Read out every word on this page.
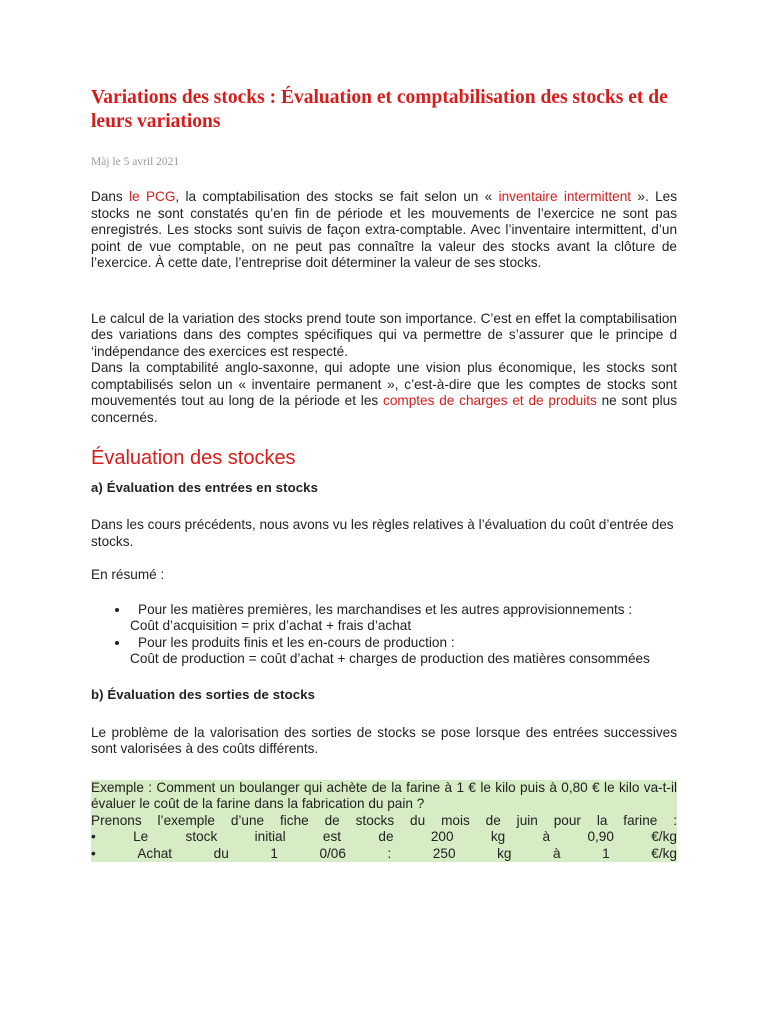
Variations des stocks : Évaluation et comptabilisation des stocks et de leurs variations
Màj le 5 avril 2021

Dans le PCG, la comptabilisation des stocks se fait selon un « inventaire intermittent ». Les stocks ne sont constatés qu’en fin de période et les mouvements de l’exercice ne sont pas enregistrés. Les stocks sont suivis de façon extra-comptable. Avec l’inventaire intermittent, d’un point de vue comptable, on ne peut pas connaître la valeur des stocks avant la clôture de l’exercice. À cette date, l’entreprise doit déterminer la valeur de ses stocks.

Le calcul de la variation des stocks prend toute son importance. C’est en effet la comptabilisation des variations dans des comptes spécifiques qui va permettre de s’assurer que le principe d ‘indépendance des exercices est respecté.

Dans la comptabilité anglo-saxonne, qui adopte une vision plus économique, les stocks sont comptabilisés selon un « inventaire permanent », c’est-à-dire que les comptes de stocks sont mouvementés tout au long de la période et les comptes de charges et de produits ne sont plus concernés.

Évaluation des stockes
a) Évaluation des entrées en stocks

Dans les cours précédents, nous avons vu les règles relatives à l’évaluation du coût d’entrée des stocks.

En résumé :

• Pour les matières premières, les marchandises et les autres approvisionnements :
Coût d’acquisition = prix d’achat + frais d’achat
• Pour les produits finis et les en-cours de production :
Coût de production = coût d’achat + charges de production des matières consommées
b) Évaluation des sorties de stocks

Le problème de la valorisation des sorties de stocks se pose lorsque des entrées successives sont valorisées à des coûts différents.

Exemple : Comment un boulanger qui achète de la farine à 1 € le kilo puis à 0,80 € le kilo va-t-il évaluer le coût de la farine dans la fabrication du pain ?
Prenons l’exemple d’une fiche de stocks du mois de juin pour la farine :
•	Le	stock	initial	est	de	200	kg	à	0,90	€/kg
•	Achat	du	1	0/06	:	250	kg	à	1	€/kg
